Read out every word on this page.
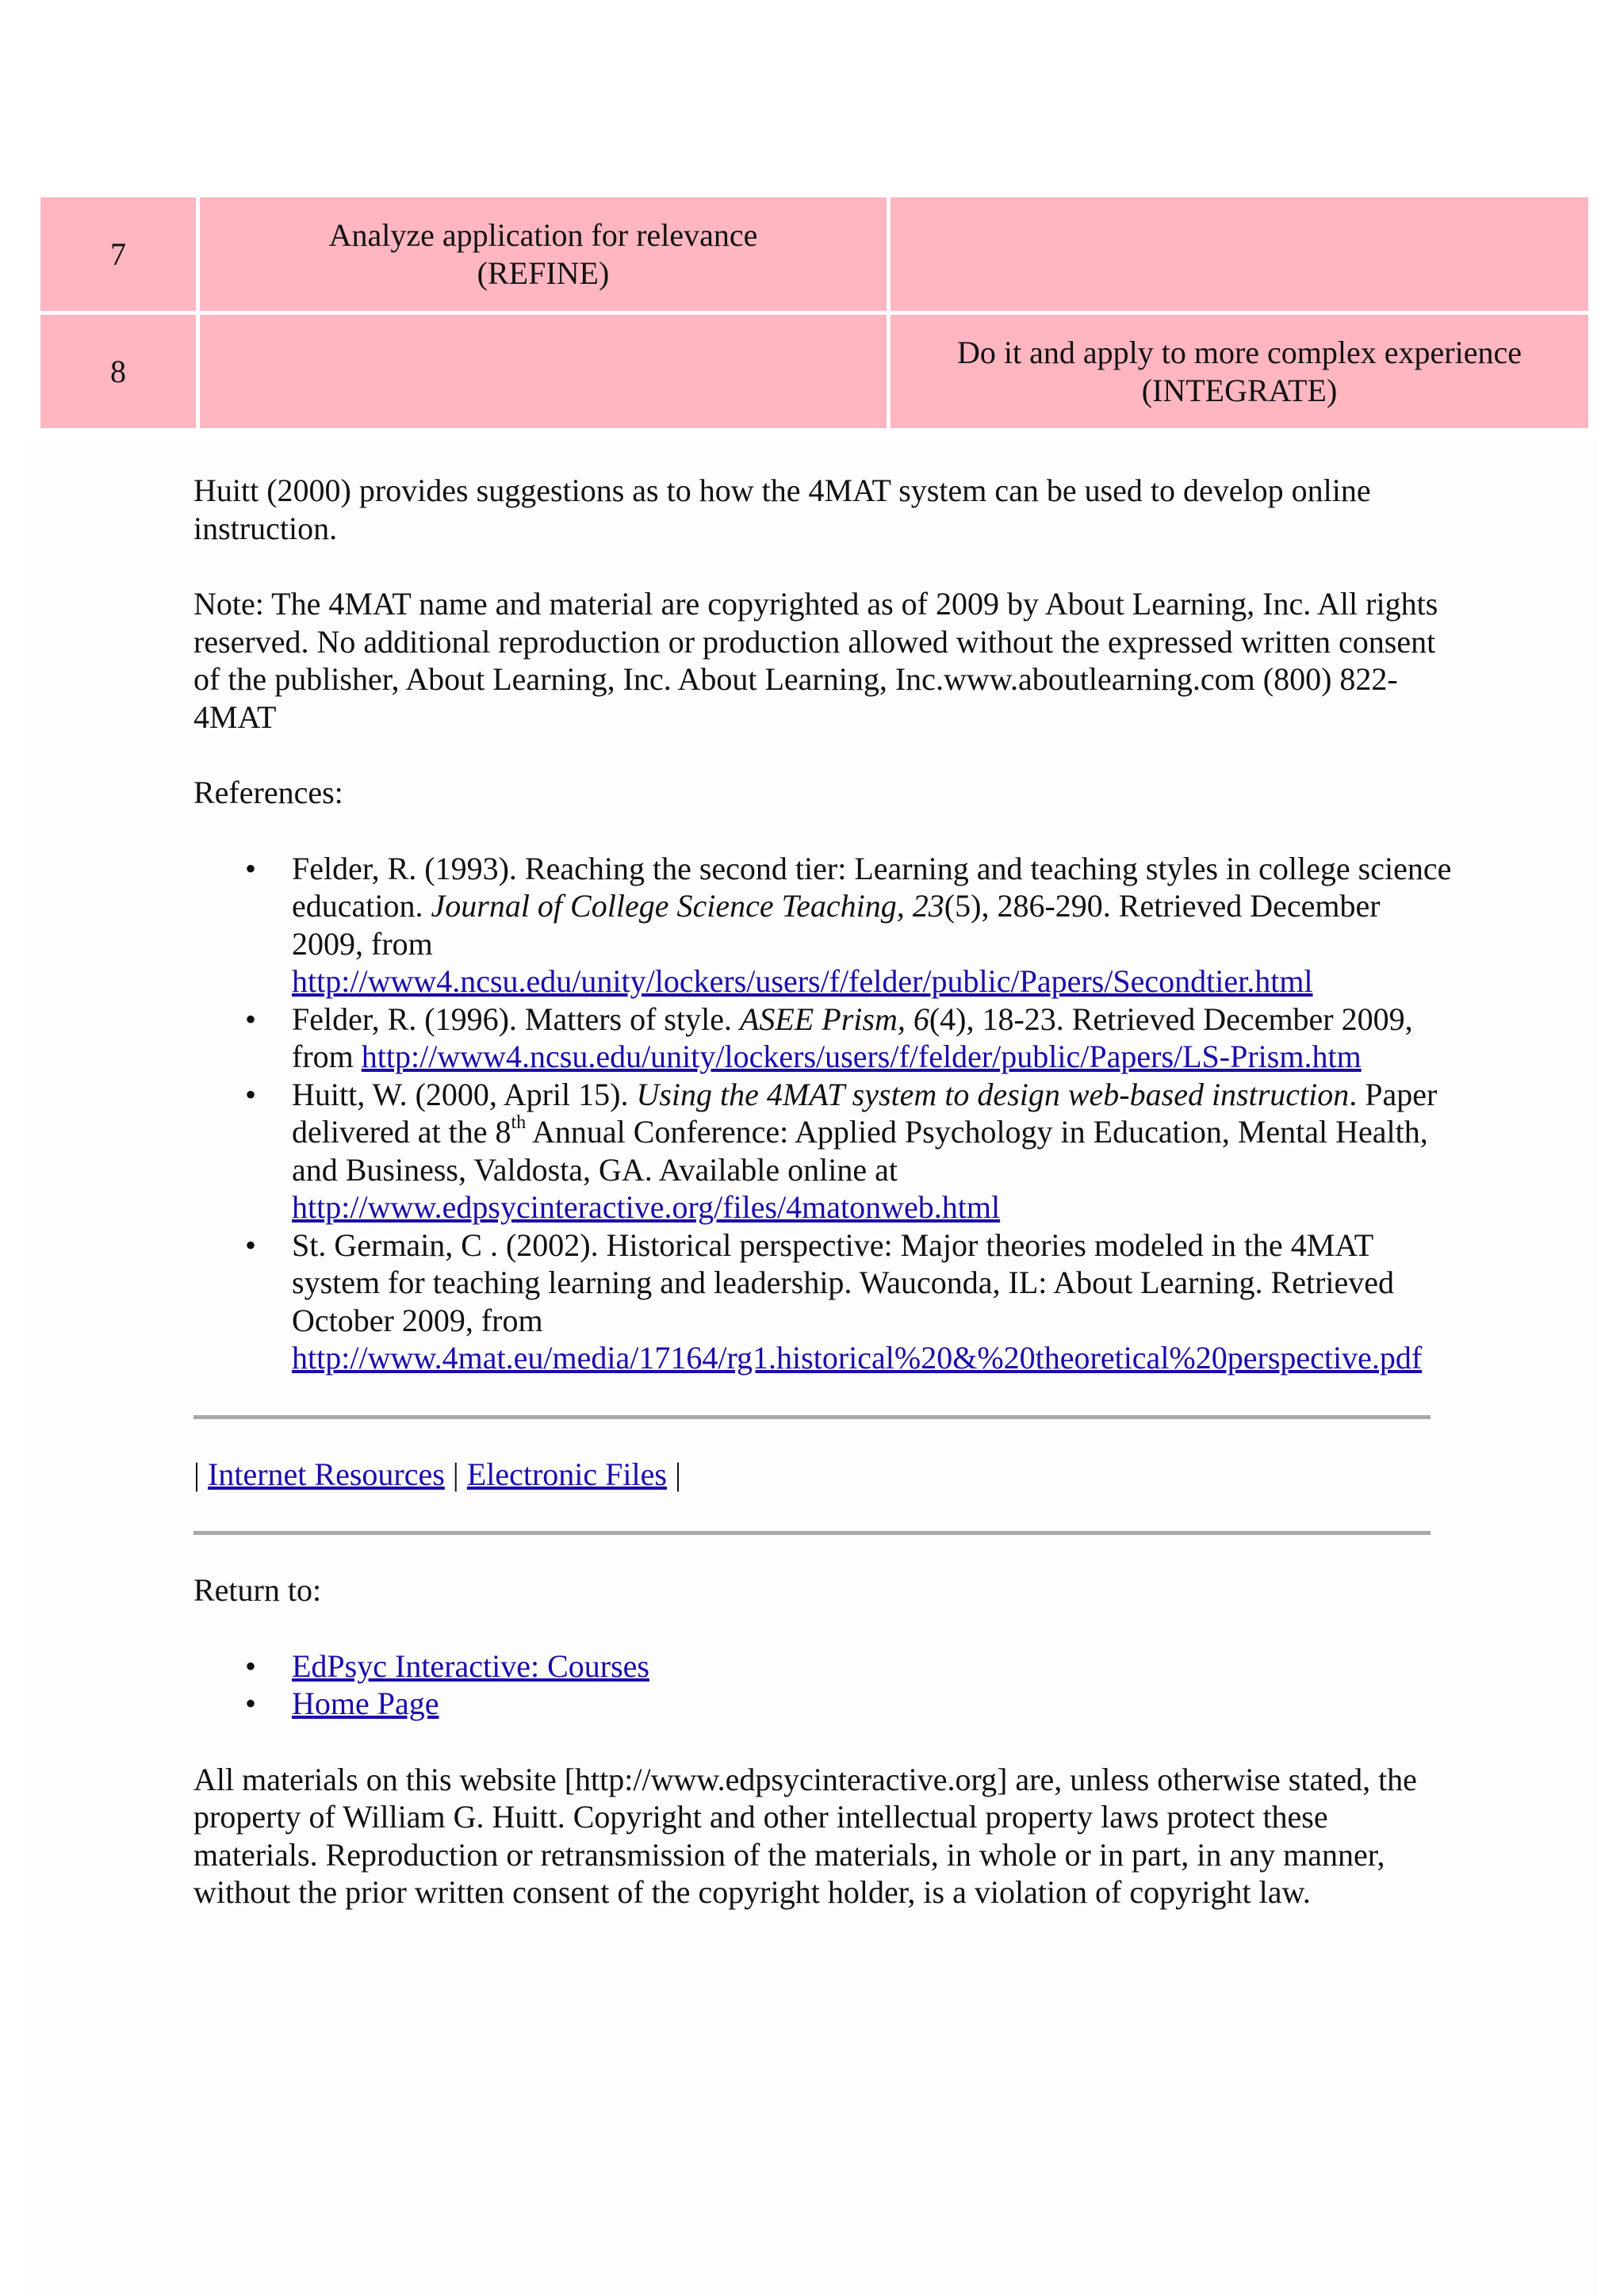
7	Analyze application for relevance
(REFINE)	

8		Do it and apply to more complex experience
(INTEGRATE)

Huitt (2000) provides suggestions as to how the 4MAT system can be used to develop online instruction.

Note: The 4MAT name and material are copyrighted as of 2009 by About Learning, Inc. All rights reserved. No additional reproduction or production allowed without the expressed written consent of the publisher, About Learning, Inc. About Learning, Inc.www.aboutlearning.com (800) 822-4MAT

References:

• Felder, R. (1993). Reaching the second tier: Learning and teaching styles in college science education. Journal of College Science Teaching, 23(5), 286-290. Retrieved December 2009, from http://www4.ncsu.edu/unity/lockers/users/f/felder/public/Papers/Secondtier.html
• Felder, R. (1996). Matters of style. ASEE Prism, 6(4), 18-23. Retrieved December 2009, from http://www4.ncsu.edu/unity/lockers/users/f/felder/public/Papers/LS-Prism.htm
• Huitt, W. (2000, April 15). Using the 4MAT system to design web-based instruction. Paper delivered at the 8th Annual Conference: Applied Psychology in Education, Mental Health, and Business, Valdosta, GA. Available online at http://www.edpsycinteractive.org/files/4matonweb.html
• St. Germain, C . (2002). Historical perspective: Major theories modeled in the 4MAT system for teaching learning and leadership. Wauconda, IL: About Learning. Retrieved October 2009, from http://www.4mat.eu/media/17164/rg1.historical%20&%20theoretical%20perspective.pdf

| Internet Resources | Electronic Files |

Return to:

• EdPsyc Interactive: Courses
• Home Page

All materials on this website [http://www.edpsycinteractive.org] are, unless otherwise stated, the property of William G. Huitt. Copyright and other intellectual property laws protect these materials. Reproduction or retransmission of the materials, in whole or in part, in any manner, without the prior written consent of the copyright holder, is a violation of copyright law.
